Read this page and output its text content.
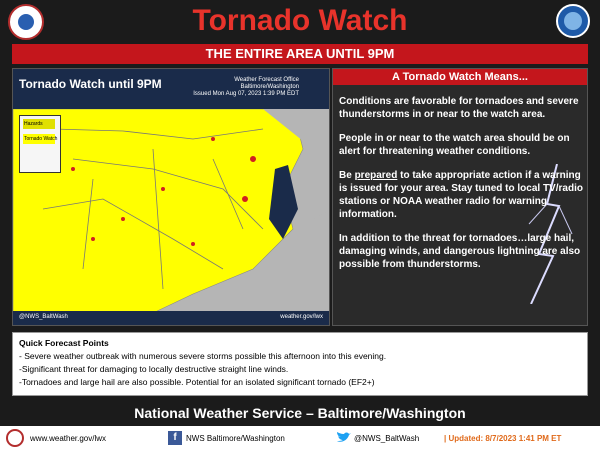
Tornado Watch
THE ENTIRE AREA UNTIL 9PM
Tornado Watch until 9PM	Weather Forecast Office
Baltimore/Washington
Issued Mon Aug 07, 2023 1:39 PM EDT
Hazards
Tornado Watch
@NWS_BaltWash	weather.gov/lwx
A Tornado Watch Means...

Conditions are favorable for tornadoes and severe thunderstorms in or near to the watch area.

People in or near to the watch area should be on alert for threatening weather conditions.

Be prepared to take appropriate action if a warning is issued for your area. Stay tuned to local TV/radio stations or NOAA weather radio for warning information.

In addition to the threat for tornadoes…large hail, damaging winds, and dangerous lightning are also possible from thunderstorms.

Quick Forecast Points
- Severe weather outbreak with numerous severe storms possible this afternoon into this evening.
-Significant threat for damaging to locally destructive straight line winds.
-Tornadoes and large hail are also possible. Potential for an isolated significant tornado (EF2+)
National Weather Service – Baltimore/Washington
www.weather.gov/lwx	f	NWS Baltimore/Washington	@NWS_BaltWash	| Updated: 8/7/2023 1:41 PM ET
